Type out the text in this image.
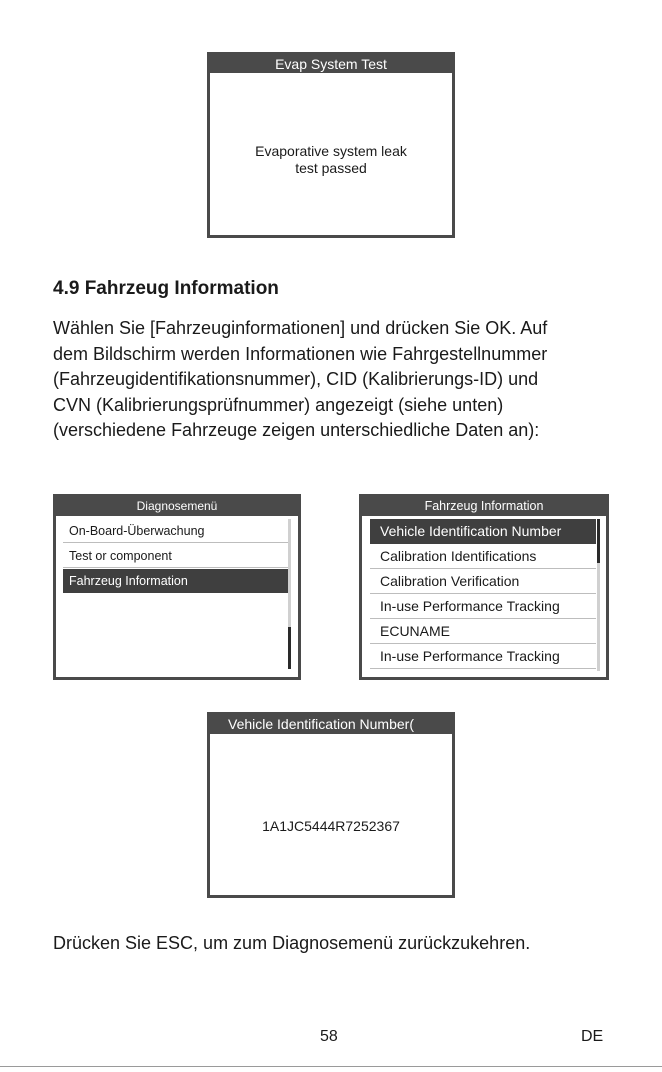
Evap System Test
Evaporative system leak
test passed
4.9 Fahrzeug Information
Wählen Sie [Fahrzeuginformationen] und drücken Sie OK. Auf
dem Bildschirm werden Informationen wie Fahrgestellnummer
(Fahrzeugidentifikationsnummer), CID (Kalibrierungs-ID) und
CVN (Kalibrierungsprüfnummer) angezeigt (siehe unten)
(verschiedene Fahrzeuge zeigen unterschiedliche Daten an):
Diagnosemenü
On-Board-Überwachung
Test or component
Fahrzeug Information
Fahrzeug Information
Vehicle Identification Number
Calibration Identifications
Calibration Verification
In-use Performance Tracking
ECUNAME
In-use Performance Tracking
Vehicle Identification Number(
1A1JC5444R7252367
Drücken Sie ESC, um zum Diagnosemenü zurückzukehren.
58	DE
